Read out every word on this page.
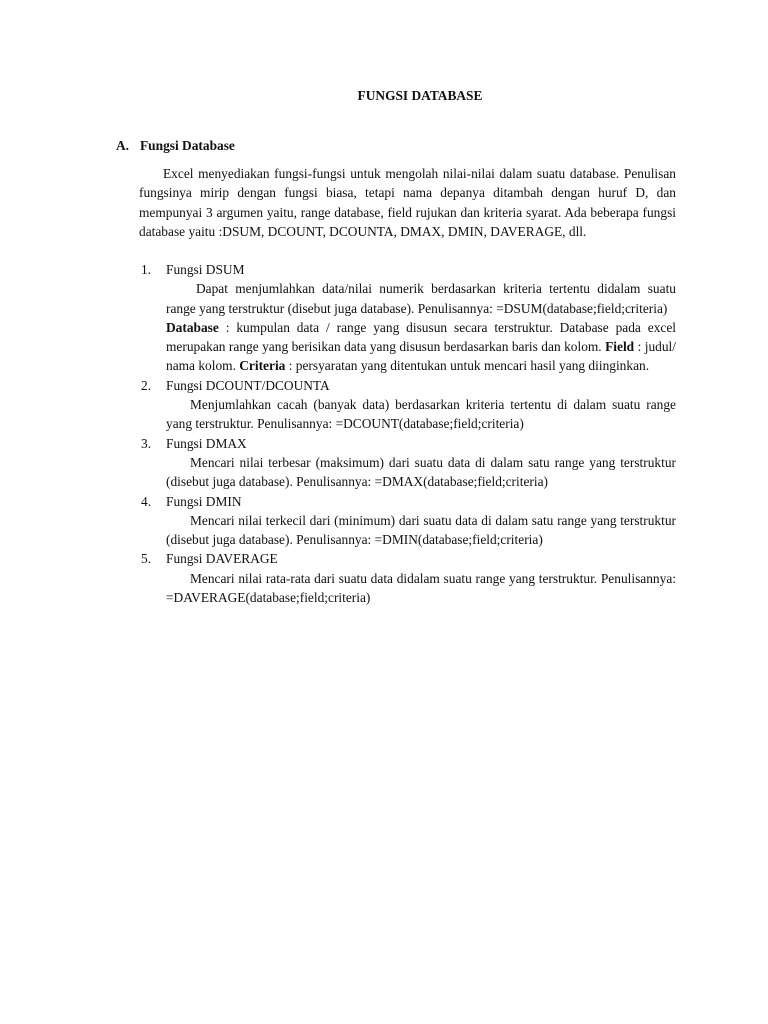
FUNGSI DATABASE
A. Fungsi Database

Excel menyediakan fungsi-fungsi untuk mengolah nilai-nilai dalam suatu database. Penulisan fungsinya mirip dengan fungsi biasa, tetapi nama depanya ditambah dengan huruf D, dan mempunyai 3 argumen yaitu, range database, field rujukan dan kriteria syarat. Ada beberapa fungsi database yaitu :DSUM, DCOUNT, DCOUNTA, DMAX, DMIN, DAVERAGE, dll.

1. Fungsi DSUM

Dapat menjumlahkan data/nilai numerik berdasarkan kriteria tertentu didalam suatu range yang terstruktur (disebut juga database). Penulisannya: =DSUM(database;field;criteria)

Database : kumpulan data / range yang disusun secara terstruktur. Database pada excel merupakan range yang berisikan data yang disusun berdasarkan baris dan kolom. Field : judul/ nama kolom. Criteria : persyaratan yang ditentukan untuk mencari hasil yang diinginkan.

2. Fungsi DCOUNT/DCOUNTA

Menjumlahkan cacah (banyak data) berdasarkan kriteria tertentu di dalam suatu range yang terstruktur. Penulisannya: =DCOUNT(database;field;criteria)

3. Fungsi DMAX

Mencari nilai terbesar (maksimum) dari suatu data di dalam satu range yang terstruktur (disebut juga database). Penulisannya: =DMAX(database;field;criteria)

4. Fungsi DMIN

Mencari nilai terkecil dari (minimum) dari suatu data di dalam satu range yang terstruktur (disebut juga database). Penulisannya: =DMIN(database;field;criteria)

5. Fungsi DAVERAGE

Mencari nilai rata-rata dari suatu data didalam suatu range yang terstruktur. Penulisannya: =DAVERAGE(database;field;criteria)
